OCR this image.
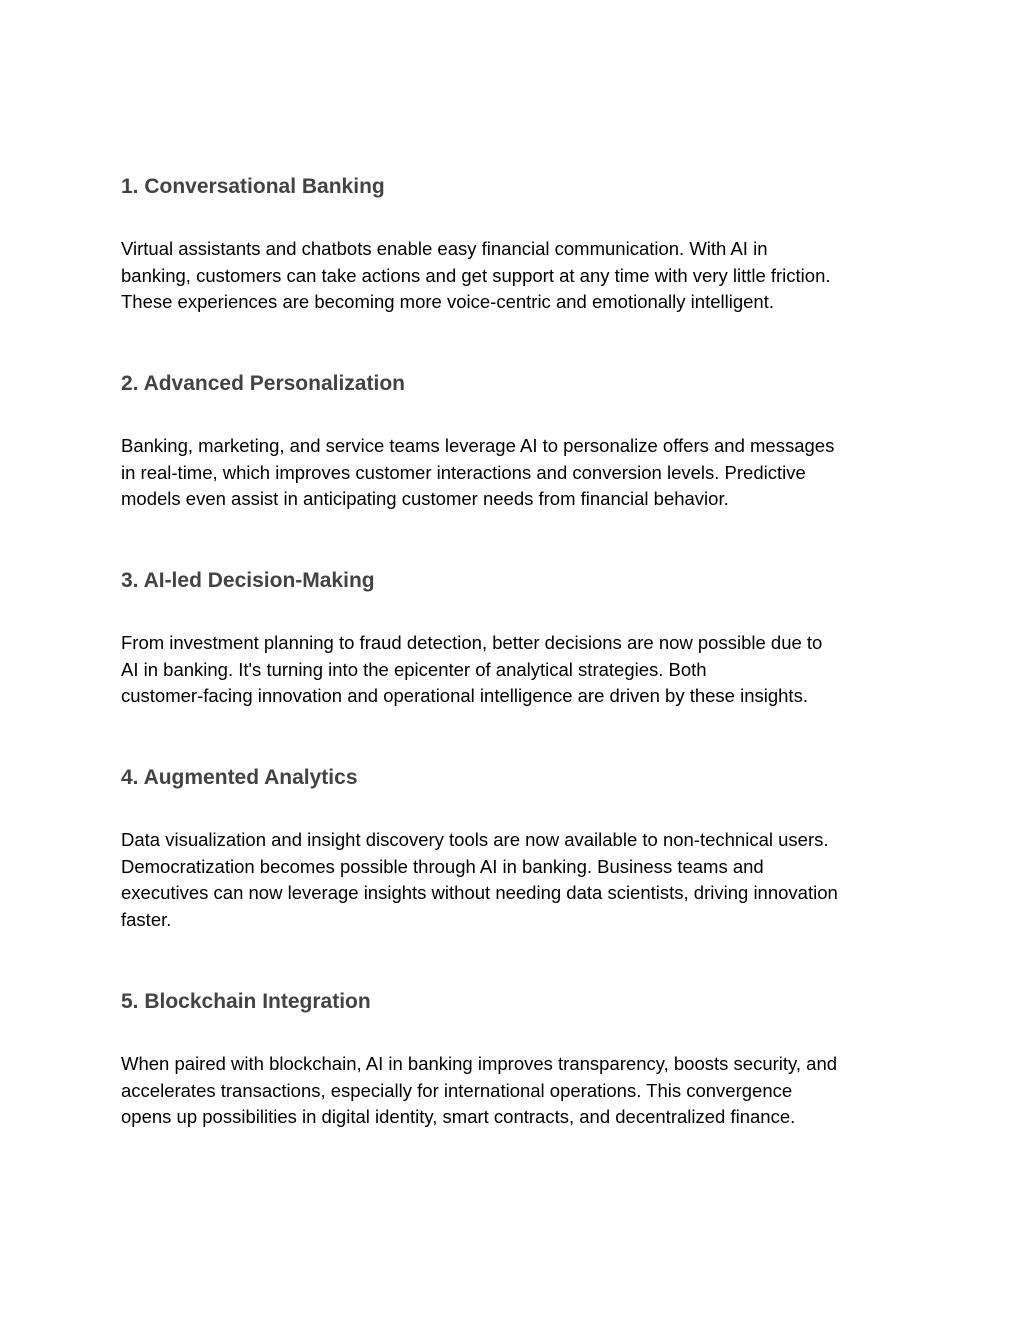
1. Conversational Banking

Virtual assistants and chatbots enable easy financial communication. With AI in
banking, customers can take actions and get support at any time with very little friction.
These experiences are becoming more voice-centric and emotionally intelligent.

2. Advanced Personalization

Banking, marketing, and service teams leverage AI to personalize offers and messages
in real-time, which improves customer interactions and conversion levels. Predictive
models even assist in anticipating customer needs from financial behavior.

3. AI-led Decision-Making

From investment planning to fraud detection, better decisions are now possible due to
AI in banking. It's turning into the epicenter of analytical strategies. Both
customer-facing innovation and operational intelligence are driven by these insights.

4. Augmented Analytics

Data visualization and insight discovery tools are now available to non-technical users.
Democratization becomes possible through AI in banking. Business teams and
executives can now leverage insights without needing data scientists, driving innovation
faster.

5. Blockchain Integration

When paired with blockchain, AI in banking improves transparency, boosts security, and
accelerates transactions, especially for international operations. This convergence
opens up possibilities in digital identity, smart contracts, and decentralized finance.
